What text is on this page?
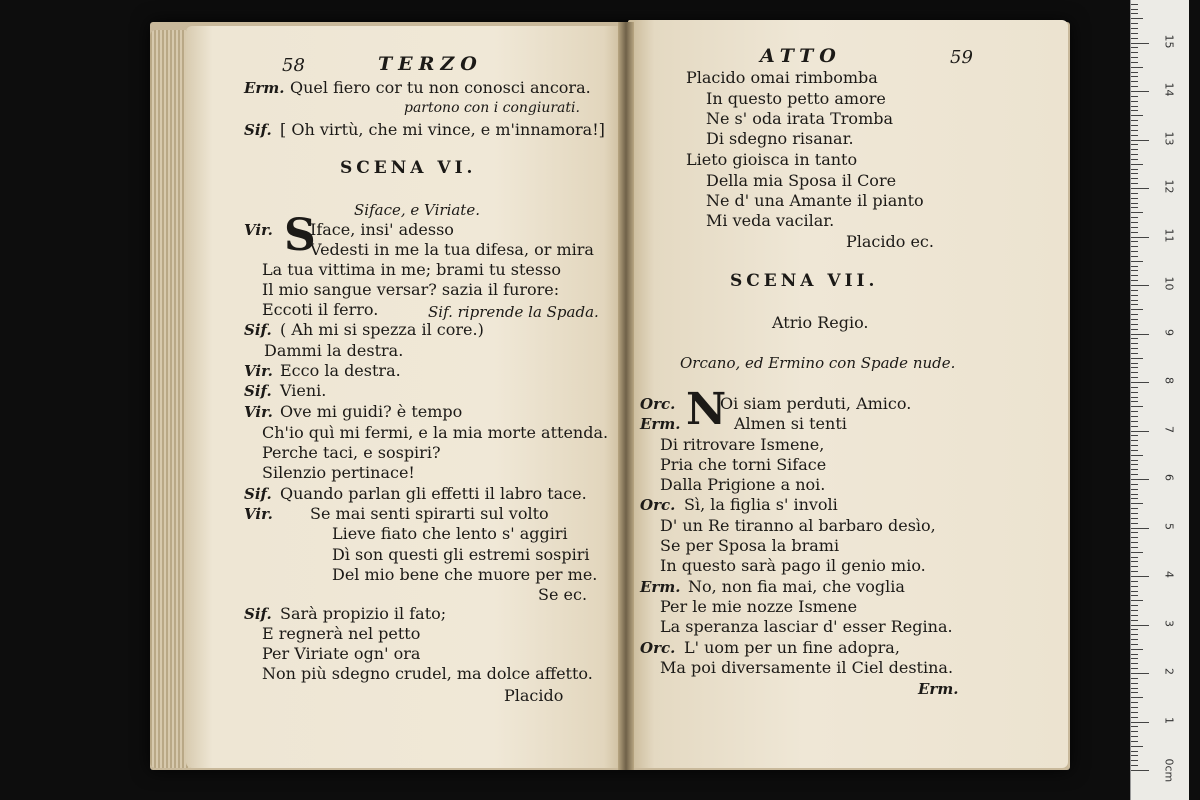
58	TERZO
Erm. Quel fiero cor tu non conosci ancora.
partono con i congiurati.
Sif. [ Oh virtù, che mi vince, e m'innamora!]
SCENA VI.
Siface, e Viriate.
Vir. S
Iface, insi' adesso
Vedesti in me la tua difesa, or mira
La tua vittima in me; brami tu stesso
Il mio sangue versar? sazia il furore:
Eccoti il ferro.	Sif. riprende la Spada.
Sif. ( Ah mi si spezza il core.)
Dammi la destra.
Vir. Ecco la destra.
Sif. Vieni.
Vir. Ove mi guidi? è tempo
Ch'io quì mi fermi, e la mia morte attenda.
Perche taci, e sospiri?
Silenzio pertinace!
Sif. Quando parlan gli effetti il labro tace.
Vir. Se mai senti spirarti sul volto
Lieve fiato che lento s' aggiri
Dì son questi gli estremi sospiri
Del mio bene che muore per me.
Se ec.
Sif. Sarà propizio il fato;
E regnerà nel petto
Per Viriate ogn' ora
Non più sdegno crudel, ma dolce affetto.
Placido
ATTO	59
Placido omai rimbomba
In questo petto amore
Ne s' oda irata Tromba
Di sdegno risanar.
Lieto gioisca in tanto
Della mia Sposa il Core
Ne d' una Amante il pianto
Mi veda vacilar.
Placido ec.
SCENA VII.
Atrio Regio.
Orcano, ed Ermino con Spade nude.
Orc. N
Oi siam perduti, Amico.
Erm.	Almen si tenti
Di ritrovare Ismene,
Pria che torni Siface
Dalla Prigione a noi.
Orc. Sì, la figlia s' involi
D' un Re tiranno al barbaro desìo,
Se per Sposa la brami
In questo sarà pago il genio mio.
Erm. No, non fia mai, che voglia
Per le mie nozze Ismene
La speranza lasciar d' esser Regina.
Orc. L' uom per un fine adopra,
Ma poi diversamente il Ciel destina.
Erm.
0cm
1
2
3
4
5
6
7
8
9
10
11
12
13
14
15
